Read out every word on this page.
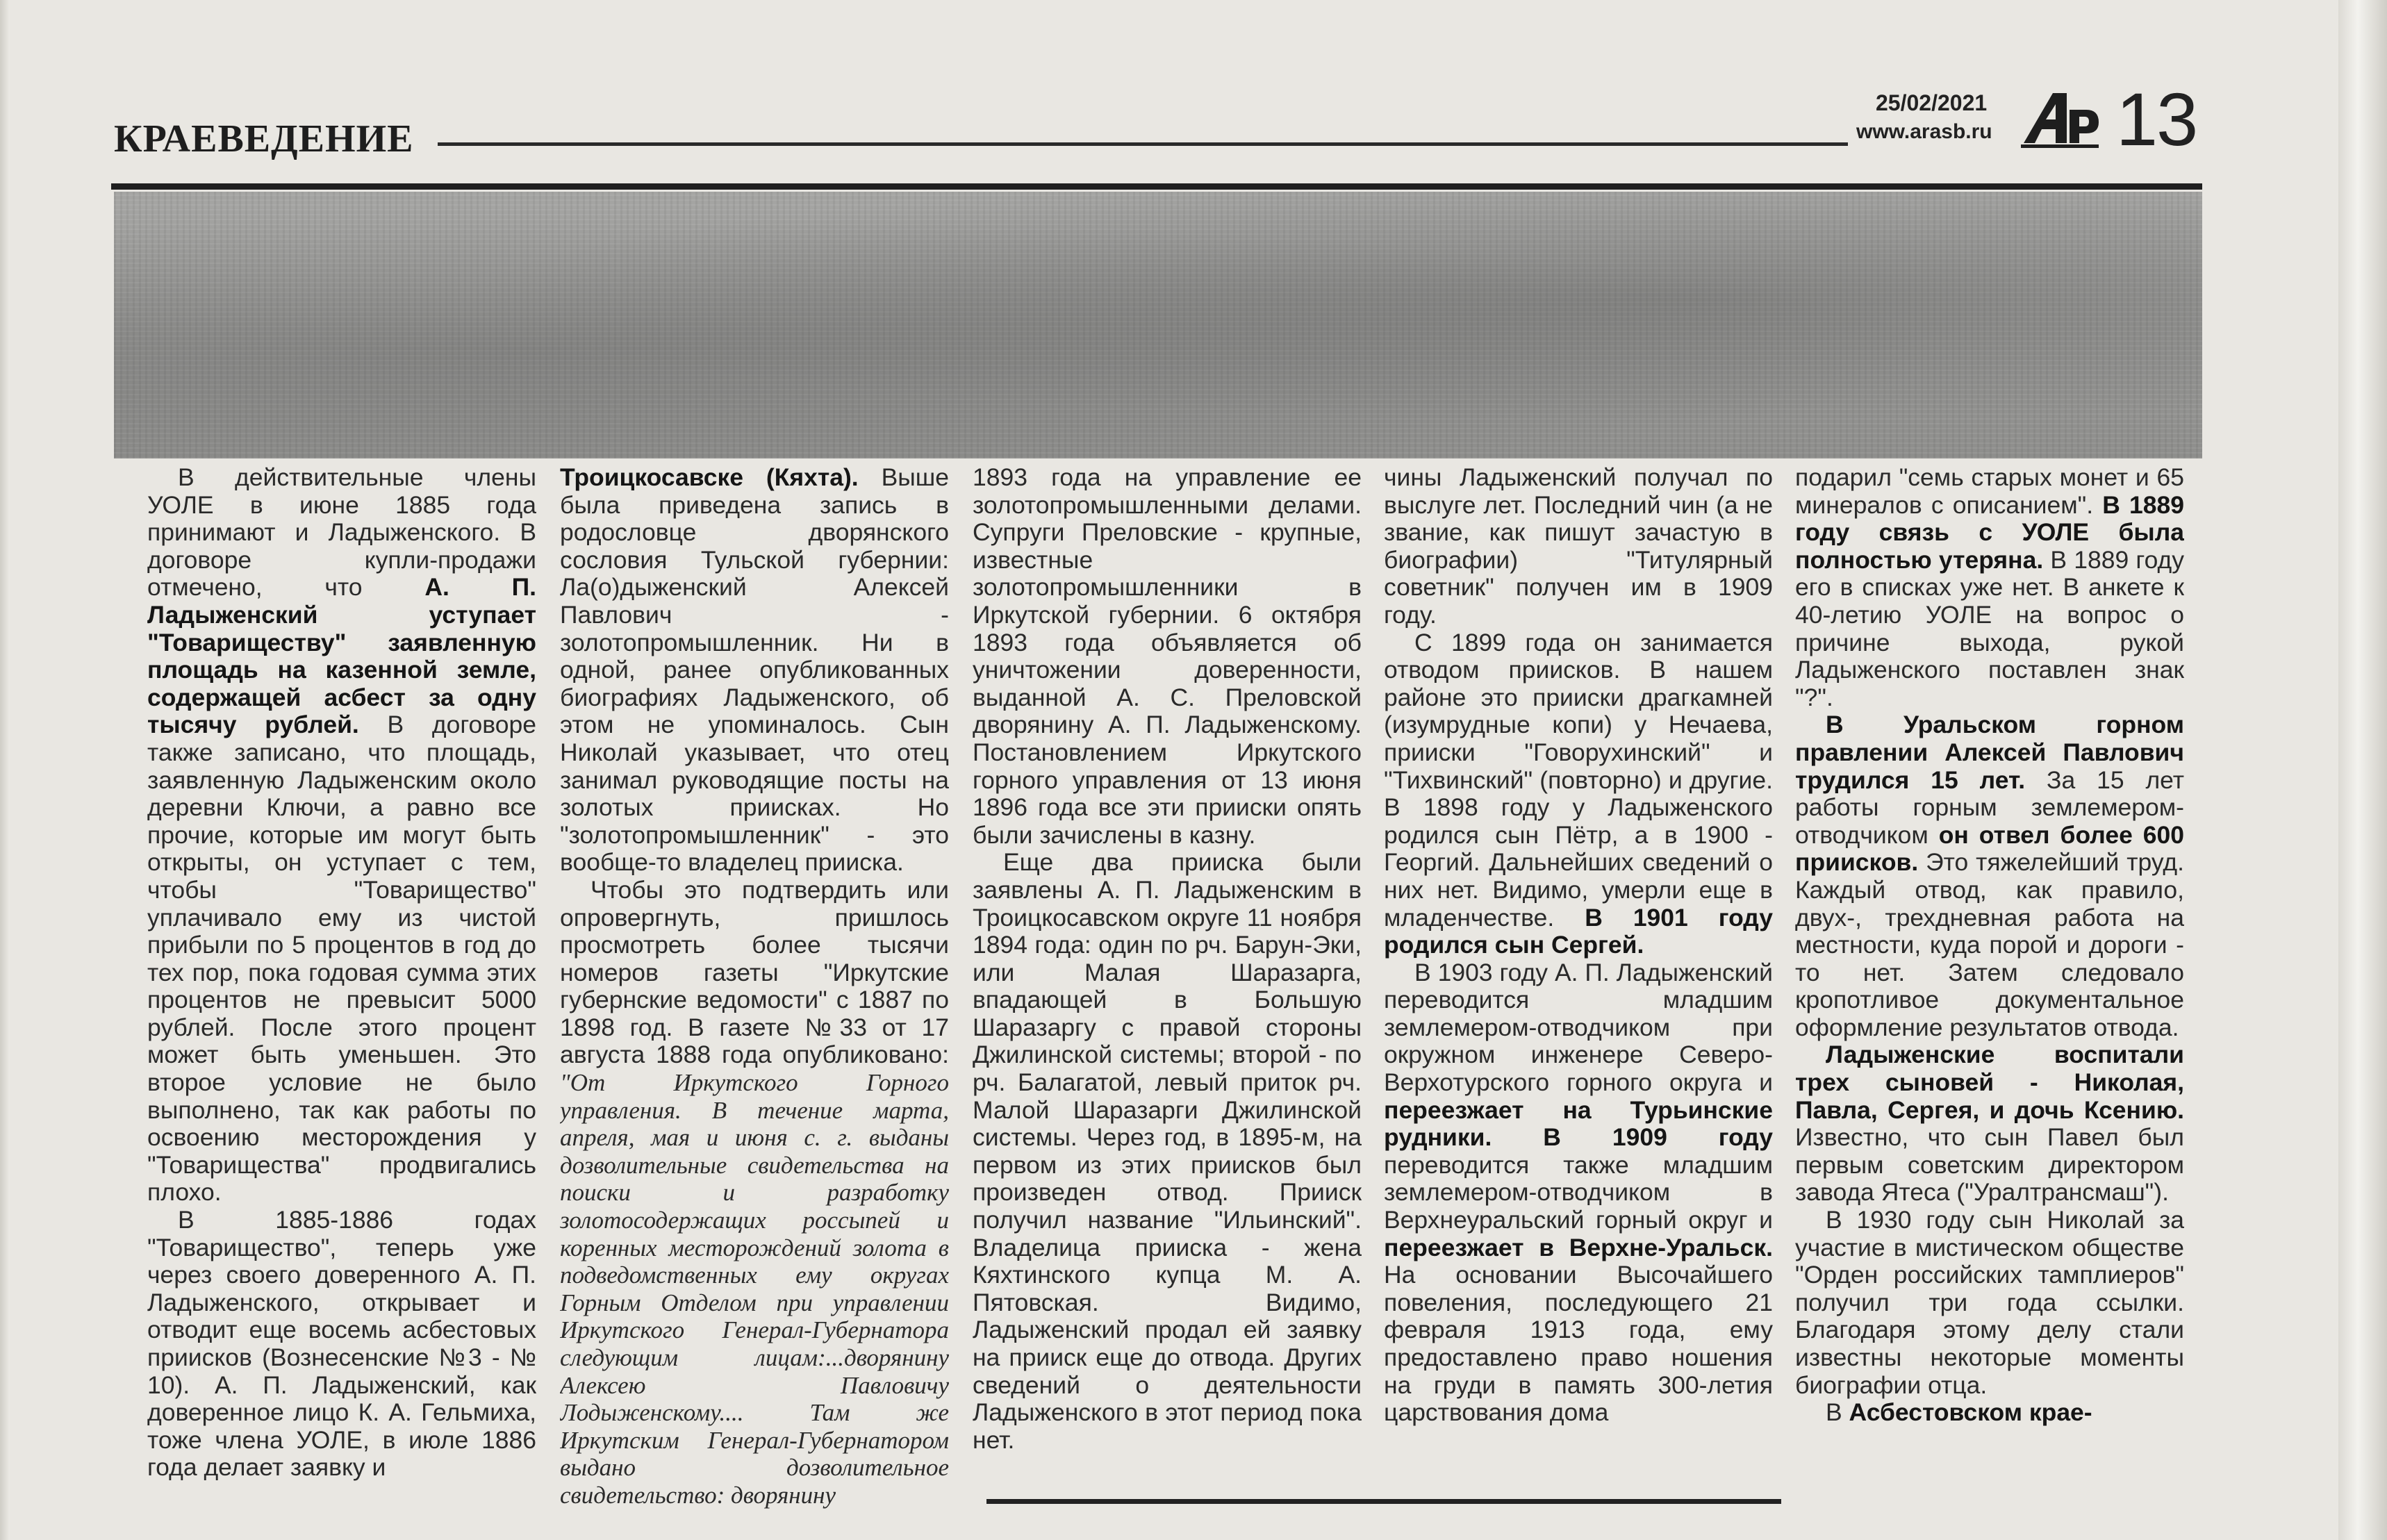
КРАЕВЕДЕНИЕ
25/02/2021
www.arasb.ru 13

В действительные члены УОЛЕ в июне 1885 года принимают и Ладыженского. В договоре купли-продажи отмечено, что А. П. Ладыженский уступает "Товариществу" заявленную площадь на казенной земле, содержащей асбест за одну тысячу рублей. В договоре также записано, что площадь, заявленную Ладыженским около деревни Ключи, а равно все прочие, которые им могут быть открыты, он уступает с тем, чтобы "Товарищество" уплачивало ему из чистой прибыли по 5 процентов в год до тех пор, пока годовая сумма этих процентов не превысит 5000 рублей. После этого процент может быть уменьшен. Это второе условие не было выполнено, так как работы по освоению месторождения у "Товарищества" продвигались плохо.

В 1885-1886 годах "Товарищество", теперь уже через своего доверенного А. П. Ладыженского, открывает и отводит еще восемь асбестовых приисков (Вознесенские №3 - № 10). А. П. Ладыженский, как доверенное лицо К. А. Гельмиха, тоже члена УОЛЕ, в июле 1886 года делает заявку и

Троицкосавске (Кяхта). Выше была приведена запись в родословце дворянского сословия Тульской губернии: Ла(о)дыженский Алексей Павлович - золотопромышленник. Ни в одной, ранее опубликованных биографиях Ладыженского, об этом не упоминалось. Сын Николай указывает, что отец занимал руководящие посты на золотых приисках. Но "золотопромышленник" - это вообще-то владелец прииска.

Чтобы это подтвердить или опровергнуть, пришлось просмотреть более тысячи номеров газеты "Иркутские губернские ведомости" с 1887 по 1898 год. В газете №33 от 17 августа 1888 года опубликовано: "От Иркутского Горного управления. В течение марта, апреля, мая и июня с. г. выданы дозволительные свидетельства на поиски и разработку золотосодержащих россыпей и коренных месторождений золота в подведомственных ему округах Горным Отделом при управлении Иркутского Генерал-Губернатора следующим лицам:...дворянину Алексею Павловичу Лодыженскому.... Там же Иркутским Генерал-Губернатором выдано дозволительное свидетельство: дворянину

1893 года на управление ее золотопромышленными делами. Супруги Преловские - крупные, известные золотопромышленники в Иркутской губернии. 6 октября 1893 года объявляется об уничтожении доверенности, выданной А. С. Преловской дворянину А. П. Ладыженскому. Постановлением Иркутского горного управления от 13 июня 1896 года все эти прииски опять были зачислены в казну.

Еще два прииска были заявлены А. П. Ладыженским в Троицкосавском округе 11 ноября 1894 года: один по рч. Барун-Эки, или Малая Шаразарга, впадающей в Большую Шаразаргу с правой стороны Джилинской системы; второй - по рч. Балагатой, левый приток рч. Малой Шаразарги Джилинской системы. Через год, в 1895-м, на первом из этих приисков был произведен отвод. Прииск получил название "Ильинский". Владелица прииска - жена Кяхтинского купца М. А. Пятовская. Видимо, Ладыженский продал ей заявку на прииск еще до отвода. Других сведений о деятельности Ладыженского в этот период пока нет.

чины Ладыженский получал по выслуге лет. Последний чин (а не звание, как пишут зачастую в биографии) "Титулярный советник" получен им в 1909 году.

С 1899 года он занимается отводом приисков. В нашем районе это прииски драгкамней (изумрудные копи) у Нечаева, прииски "Говорухинский" и "Тихвинский" (повторно) и другие. В 1898 году у Ладыженского родился сын Пётр, а в 1900 - Георгий. Дальнейших сведений о них нет. Видимо, умерли еще в младенчестве. В 1901 году родился сын Сергей.

В 1903 году А. П. Ладыженский переводится младшим землемером-отводчиком при окружном инженере Северо-Верхотурского горного округа и переезжает на Турьинские рудники. В 1909 году переводится также младшим землемером-отводчиком в Верхнеуральский горный округ и переезжает в Верхне-Уральск. На основании Высочайшего повеления, последующего 21 февраля 1913 года, ему предоставлено право ношения на груди в память 300-летия царствования дома

подарил "семь старых монет и 65 минералов с описанием". В 1889 году связь с УОЛЕ была полностью утеряна. В 1889 году его в списках уже нет. В анкете к 40-летию УОЛЕ на вопрос о причине выхода, рукой Ладыженского поставлен знак "?".

В Уральском горном правлении Алексей Павлович трудился 15 лет. За 15 лет работы горным землемером-отводчиком он отвел более 600 приисков. Это тяжелейший труд. Каждый отвод, как правило, двух-, трехдневная работа на местности, куда порой и дороги - то нет. Затем следовало кропотливое документальное оформление результатов отвода.

Ладыженские воспитали трех сыновей - Николая, Павла, Сергея, и дочь Ксению. Известно, что сын Павел был первым советским директором завода Ятеса ("Уралтрансмаш").

В 1930 году сын Николай за участие в мистическом обществе "Орден российских тамплиеров" получил три года ссылки. Благодаря этому делу стали известны некоторые моменты биографии отца.

В Асбестовском крае-
